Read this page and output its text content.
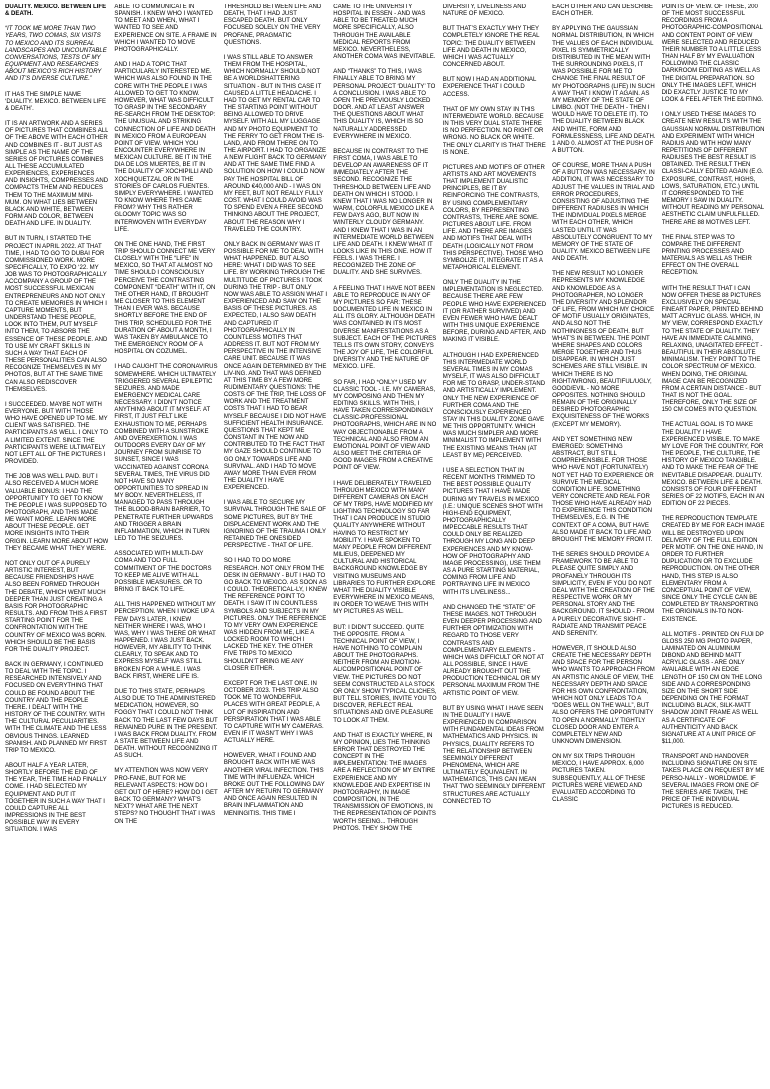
DUALITY. MEXICO. BETWEEN LIFE & DEATH.

“IT TOOK ME MORE THAN TWO YEARS, TWO COMAS, SIX VISITS TO MEXICO AND ITS SURREAL LANDSCAPES AND UNCOUNTABLE CONVERSATIONS, TESTS OF MY EQUIPMENT AND RESEARCHES ABOUT MEXICO’S RICH HISTORY AND IT’S DIVERSE CULTURE.”

IT HAS THE SIMPLE NAME ‘DUALITY. MEXICO. BETWEEN LIFE & DEATH’.

IT IS AN ARTWORK AND A SERIES OF PICTURES THAT COMBINES ALL OF THE ABOVE WITH EACH OTHER AND COMBINES IT - BUT JUST AS SIMPLE AS THE NAME OF THE SERIES OF PICTURES COMBINES ALL THESE ACCUMULATED EXPERIENCES, EXPERIENCES AND INSIGHTS, COMPRESSES AND COMPACTS THEM AND REDUCES THEM TO THE MAXIMUM MINI-MUM. ON WHAT LIES BETWEEN BLACK AND WHITE, BETWEEN FORM AND COLOR, BETWEEN DEATH AND LIFE. IN DUALITY.

BUT IN TURN, I STARTED THE PROJECT IN APRIL 2022. AT THAT TIME, I HAD TO GO TO DUBAI FOR COMMISSIONED WORK. MORE SPECIFICALLY, TO EXPO ‘22. MY JOB WAS TO PHOTOGRAPHICALLY ACCOMPANY A GROUP OF THE MOST SUCCESSFUL MEXICAN ENTREPRENEURS AND NOT ONLY TO CREATE MEMORIES IN WHICH I CAPTURE MOMENTS, BUT UNDERSTAND THESE PEOPLE, LOOK INTO THEM, PUT MYSELF INTO THEM, TO ABSORB THE ESSENCE OF THESE PEOPLE. AND TO USE MY CRAFT SKILLS IN SUCH A WAY THAT EACH OF THESE PERSONALITIES CAN ALSO RECOGNIZE THEMSELVES IN MY PHOTOS, BUT AT THE SAME TIME CAN ALSO REDISCOVER THEMSELVES.

I SUCCEEDED. MAYBE NOT WITH EVERYONE. BUT WITH THOSE WHO HAVE OPENED UP TO ME. MY CLIENT WAS SATISFIED. THE PARTICIPANTS AS WELL. I ONLY TO A LIMITED EXTENT. SINCE THE PARTICIPANTS WERE ULTIMATELY NOT LEFT ALL OF THE PICTURES I PROVIDED.

THE JOB WAS WELL PAID. BUT I ALSO RECEIVED A MUCH MORE VALUABLE BONUS: I HAD THE OPPORTUNITY TO GET TO KNOW THE PEOPLE I WAS SUPPOSED TO PHOTOGRAPH, AND THIS MADE ME WANT MORE. LEARN MORE ABOUT THESE PEOPLE. GET MORE INSIGHTS INTO THEIR ORIGIN. LEARN MORE ABOUT HOW THEY BECAME WHAT THEY WERE.

NOT ONLY OUT OF A PURELY ARTISTIC INTEREST, BUT BECAUSE FRIENDSHIPS HAVE ALSO BEEN FORMED THROUGH THE DEBATE, WHICH WENT MUCH DEEPER THAN JUST CREATING A BASIS FOR PHOTOGRAPHIC RESULTS. AND FROM THIS A FIRST STARTING POINT FOR THE CONFRONTATION WITH THE COUNTRY OF MEXICO WAS BORN. WHICH SHOULD BE THE BASIS FOR THE DUALITY PROJECT.

BACK IN GERMANY, I CONTINUED TO DEAL WITH THE TOPIC. I RESEARCHED INTENSIVELY AND FOCUSED ON EVERYTHING THAT COULD BE FOUND ABOUT THE COUNTRY AND THE PEOPLE THERE. I DEALT WITH THE HISTORY OF THE COUNTRY. WITH THE CULTURAL PECULIARITIES. WITH THE CLIMATE AND THE LESS OBVIOUS THINGS. LEARNED SPANISH. AND PLANNED MY FIRST TRIP TO MEXICO.

ABOUT HALF A YEAR LATER, SHORTLY BEFORE THE END OF THE YEAR, THE TIME HAD FINALLY COME. I HAD SELECTED MY EQUIPMENT AND PUT IT TOGETHER IN SUCH A WAY THAT I COULD CAPTURE ALL IMPRESSIONS IN THE BEST POSSIBLE WAY IN EVERY SITUATION. I WAS

ABLE TO COMMUNICATE IN SPANISH. I KNEW WHO I WANTED TO MEET AND WHEN, WHAT I WANTED TO SEE AND EXPERIENCE ON SITE. A FRAME IN WHICH I WANTED TO MOVE PHOTOGRAPHICALLY.

AND I HAD A TOPIC THAT PARTICULARLY INTERESTED ME. WHICH WAS ALSO FOUND IN THE CORE WITH THE PEOPLE I WAS ALLOWED TO GET TO KNOW. HOWEVER, WHAT WAS DIFFICULT TO GRASP IN THE SECONDARY RE-SEARCH FROM THE DESKTOP: THE UNUSUAL AND STRIKING CONNECTION OF LIFE AND DEATH IN MEXICO FROM A EUROPEAN POINT OF VIEW. WHICH YOU ENCOUNTER EVERYWHERE IN MEXICAN CULTURE. BE IT IN THE DIA DE LOS MUERTES, BE IT IN THE DUALITY OF XOCHIPILLI AND XOCHIQUETZAL OR IN THE STORIES OF CARLOS FUENTES. SIMPLY EVERYWHERE. I WANTED TO KNOW WHERE THIS CAME FROM? WHY THIS RATHER GLOOMY TOPIC WAS SO INTERWOVEN WITH EVERYDAY LIFE.

ON THE ONE HAND, THE FIRST TRIP SHOULD CONNECT ME VERY CLOSELY WITH THE “LIFE” IN MEXICO, SO THAT AT ALMOST NO TIME SHOULD I CONSCIOUSLY PERCEIVE THE CONTRASTING COMPONENT “DEATH” WITH IT, ON THE OTHER HAND, IT BROUGHT ME CLOSER TO THIS ELEMENT THAN I EVER WAS. BECAUSE SHORTLY BEFORE THE END OF THIS TRIP, SCHEDULED FOR THE DURATION OF ABOUT A MONTH, I WAS TAKEN BY AMBULANCE TO THE EMERGENCY ROOM OF A HOSPITAL ON COZUMEL.

I HAD CAUGHT THE CORONAVIRUS SOMEWHERE. WHICH ULTIMATELY TRIGGERED SEVERAL EPILEPTIC SEIZURES. AND MADE EMERGENCY MEDICAL CARE NECESSARY. I DIDN’T NOTICE ANYTHING ABOUT IT MYSELF. AT FIRST, IT JUST FELT LIKE EXHAUSTION TO ME, PERHAPS COMBINED WITH A SUNSTROKE AND OVEREXERTION. I WAS OUTDOORS EVERY DAY OF MY JOURNEY FROM SUNRISE TO SUNSET, SINCE I WAS VACCINATED AGAINST CORONA SEVERAL TIMES, THE VIRUS DID NOT HAVE SO MANY OPPORTUNITIES TO SPREAD IN MY BODY. NEVERTHELESS, IT MANAGED TO PASS THROUGH THE BLOOD-BRAIN BARRIER, TO PENETRATE FURTHER UPWARDS AND TRIGGER A BRAIN INFLAMMATION, WHICH IN TURN LED TO THE SEIZURES.

ASSOCIATED WITH MULTI-DAY COMA AND TOO FULL COMMITMENT OF THE DOCTORS TO KEEP ME ALIVE WITH ALL POSSIBLE MEASURES. OR TO BRING IT BACK TO LIFE.

ALL THIS HAPPENED WITHOUT MY PERCEPTION. WHEN I WOKE UP A FEW DAYS LATER, I KNEW NEITHER WHERE I WAS, WHO I WAS, WHY I WAS THERE OR WHAT HAPPENED. I WAS JUST BACK. HOWEVER, MY ABILITY TO THINK CLEARLY, TO SPEAK AND TO EXPRESS MYSELF WAS STILL BROKEN FOR A WHILE. I WAS BACK FIRST, WHERE LIFE IS.

DUE TO THIS STATE, PERHAPS ALSO DUE TO THE ADMINISTERED MEDICATION, HOWEVER, SO FOGGY THAT I COULD NOT THINK BACK TO THE LAST FEW DAYS BUT REMAINED PURE IN THE PRESENT. I WAS BACK FROM DUALITY. FROM A STATE BETWEEN LIFE AND DEATH. WITHOUT RECOGNIZING IT AS SUCH.

MY ATTENTION WAS NOW VERY PRO-FANE, BUT FOR ME RELEVANT ASPECTS: HOW DO I GET OUT OF HERE? HOW DO I GET BACK TO GERMANY? WHAT’S NEXT? WHAT ARE THE NEXT STEPS? NO THOUGHT THAT I WAS ON THE

THRESHOLD BETWEEN LIFE AND DEATH, THAT I HAD JUST ESCAPED DEATH. BUT ONLY FOCUSED SOLELY ON THE VERY PROFANE, PRAGMATIC QUESTIONS.

I WAS STILL ABLE TO ANSWER THEM FROM THE HOSPITAL, WHICH NORMALLY SHOULD NOT BE A WORLDSHATTERING SITUATION - BUT IN THIS CASE IT CAUSED A LITTLE HEADACHE. I HAD TO GET MY RENTAL CAR TO THE STARTING POINT WITHOUT BEING ALLOWED TO DRIVE MYSELF. WITH ALL MY LUGGAGE AND MY PHOTO EQUIPMENT TO THE FERRY TO GET FROM THE IS-LAND, AND FROM THERE ON TO THE AIRPORT. I HAD TO ORGANIZE A NEW FLIGHT BACK TO GERMANY AND AT THE SAME TIME FIND A SOLUTION ON HOW I COULD NOW PAY THE HOSPITAL BILL OF AROUND €40,000 AND - I WAS ON MY FEET, BUT NOT REALLY FULLY COST. WHAT I COULD AVOID WAS TO SPEND EVEN A FREE SECOND THINKING ABOUT THE PROJECT, ABOUT THE REASON WHY I TRAVELED THE COUNTRY.

ONLY BACK IN GERMANY WAS IT POSSIBLE FOR ME TO DEAL WITH WHAT HAPPENED. BUT ALSO HERE: WHAT I DID WAS TO SEE LIFE. BY WORKING THROUGH THE MULTITUDE OF PICTURES I TOOK DURING THE TRIP - BUT ONLY NOW WAS ABLE TO ASSIGN WHAT I EXPERIENCED AND SAW ON THE BASIS OF THESE PICTURES. AS EXPECTED, I ALSO SAW DEATH AND CAPTURED IT PHOTOGRAPHICALLY IN COUNTLESS MOTIFS THAT ADDRESS IT. BUT NOT FROM MY PERSPECTIVE IN THE INTENSIVE CARE UNIT. BECAUSE IT WAS ONCE AGAIN DETERMINED BY THE LIV-ING. AND THAT WAS DEFINED AT THIS TIME BY A FEW MORE RUDIMENTARY QUESTIONS: THE COSTS OF THE TRIP, THE LOSS OF WORK AND THE TREATMENT COSTS THAT I HAD TO BEAR MYSELF BECAUSE I DID NOT HAVE SUFFICIENT HEALTH INSURANCE. QUESTIONS THAT KEPT ME CONSTANT IN THE NOW AND CONTRIBUTED TO THE FACT THAT MY GAZE SHOULD CONTINUE TO GO ONLY TOWARDS LIFE AND SURVIVAL. AND I HAD TO MOVE AWAY MORE THAN EVER FROM THE DUALITY I HAVE EXPERIENCED.

I WAS ABLE TO SECURE MY SURVIVAL THROUGH THE SALE OF SOME PICTURES, BUT BY THE DISPLACEMENT WORK AND THE IGNORING OF THE TRAUMA I ONLY RETAINED THE ONESIDED PERSPECTIVE - THAT OF LIFE.

SO I HAD TO DO MORE RESEARCH. NOT ONLY FROM THE DESK IN GERMANY - BUT I HAD TO GO BACK TO MEXICO. AS SOON AS I COULD. THEORETICAL-LY, I KNEW THE REFERENCE POINT TO DEATH. I SAW IT IN COUNTLESS SYMBOLS AND SUBJECTS IN MY PICTURES. ONLY THE REFERENCE TO MY VERY OWN EXPERIENCE WAS HIDDEN FROM ME, LIKE A LOCKED ROOM TO WHICH I LACKED THE KEY. THE OTHER FIVE TRIPS TO MEXICO SHOULDN’T BRING ME ANY CLOSER EITHER.

EXCEPT FOR THE LAST ONE. IN OCTOBER 2023. THIS TRIP ALSO TOOK ME TO WONDERFUL PLACES WITH GREAT PEOPLE, A LOT OF INSPIRATION AND PERSPIRATION THAT I WAS ABLE TO CAPTURE WITH MY CAMERAS. EVEN IF IT WASN’T WHY I WAS ACTUALLY HERE.

HOWEVER, WHAT I FOUND AND BROUGHT BACK WITH ME WAS ANOTHER VIRAL INFECTION. THIS TIME WITH INFLUENZA. WHICH BROKE OUT THE FOLLOWING DAY AFTER MY RETURN TO GERMANY AND ONCE AGAIN RESULTED IN BRAIN INFLAMMATION AND MENINGITIS. THIS TIME I

CAME TO THE UNIVERSITY HOSPITAL IN ESSEN - AND WAS ABLE TO BE TREATED MUCH MORE SPECIFICALLY, ALSO THROUGH THE AVAILABLE MEDICAL REPORTS FROM MEXICO. NEVERTHELESS, ANOTHER COMA WAS INEVITABLE.

AND “THANKS” TO THIS, I WAS FINALLY ABLE TO BRING MY PERSONAL PROJECT ‘DUALITY’ TO A CONCLUSION. I WAS ABLE TO OPEN THE PREVIOUSLY LOCKED DOOR. AND AT LEAST ANSWER THE QUESTIONS ABOUT WHAT THIS DUALITY IS, WHICH IS SO NATURALLY ADDRESSED EVERYWHERE IN MEXICO.

BECAUSE IN CONTRAST TO THE FIRST COMA, I WAS ABLE TO DEVELOP AN AWARENESS OF IT IMMEDIATELY AFTER THE SECOND. RECOGNIZE THE THRESHOLD BETWEEN LIFE AND DEATH ON WHICH I STOOD. I KNEW THAT I WAS NO LONGER IN WARM, COLORFUL MEXICO LIKE A FEW DAYS AGO, BUT NOW IN WINTERLY CLOUDY GERMANY. AND I KNEW THAT I WAS IN AN INTERMEDIATE WORLD BETWEEN LIFE AND DEATH. I KNEW WHAT IT LOOKS LIKE IN THIS ONE. HOW IT FEELS. I WAS THERE. I RECOGNIZED THE ZONE OF DUALITY. AND SHE SURVIVES.

A FEELING THAT I HAVE NOT BEEN ABLE TO REPRODUCE IN ANY OF MY PICTURES SO FAR: THESE DOCUMENTED LIFE IN MEXICO IN ALL ITS GLORY. ALTHOUGH DEATH WAS CONTAINED IN ITS MOST DIVERSE MANIFESTATIONS AS A SUBJECT. EACH OF THE PICTURES TELLS ITS OWN STORY, CONVEYS THE JOY OF LIFE, THE COLORFUL DIVERSITY AND THE NATURE OF MEXICO. LIFE.

SO FAR, I HAD *ONLY* USED MY CLASSIC TOOL - I.E. MY CAMERAS, MY COMPOSING AND THEN MY EDITING SKILLS. WITH THIS, I HAVE TAKEN CORRESPONDINGLY CLASSIC-PROFESSIONAL PHOTOGRAPHS, WHICH ARE IN NO WAY OBJECTIONABLE FROM A TECHNICAL AND ALSO FROM AN EMOTIONAL POINT OF VIEW AND ALSO MEET THE CRITERIA OF GOOD IMAGES FROM A CREATIVE POINT OF VIEW.

I HAVE DELIBERATELY TRAVELED THROUGH MEXICO WITH MANY DIFFERENT CAMERAS ON EACH OF MY TRIPS, HAVE MODIFIED MY LIGHTING TECHNOLOGY SO FAR THAT I CAN PRODUCE IN STUDIO QUALITY ANYWHERE WITHOUT HAVING TO RESTRICT MY MOBILITY. I HAVE SPOKEN TO MANY PEOPLE FROM DIFFERENT MILIEUS, DEEPENED MY CULTURAL AND HISTORICAL BACKGROUND KNOWLEDGE BY VISITING MUSEUMS AND LIBRARIES TO FURTHER EXPLORE WHAT THE DUALITY VISIBLE EVERYWHERE IN MEXICO MEANS, IN ORDER TO WEAVE THIS WITH MY PICTURES AS WELL.

BUT: I DIDN’T SUCCEED. QUITE THE OPPOSITE. FROM A TECHNICAL POINT OF VIEW, I HAVE NOTHING TO COMPLAIN ABOUT THE PHOTOGRAPHS. NEITHER FROM AN EMOTION-AL/COMPOSITIONAL POINT OF VIEW. THE PICTURES DO NOT SEEM CONSTRUCTED A LA STOCK OR ONLY SHOW TYPICAL CLICHES, BUT TELL STORIES, INVITE YOU TO DISCOVER, REFLECT REAL SITUATIONS AND GIVE PLEASURE TO LOOK AT THEM.

AND THAT IS EXACTLY WHERE, IN MY OPINION, LIES THE THINKING ERROR THAT DESTROYED THE CONCEPT IN THE IMPLEMENTATION: THE IMAGES ARE A REFLECTION OF MY ENTIRE EXPERIENCE AND MY KNOWLEDGE AND EXPERTISE IN PHOTOGRAPHY, IN IMAGE COMPOSITION, IN THE TRANSMISSION OF EMOTIONS, IN THE REPRESENTATION OF POINTS WORTH SEEING... THROUGH PHOTOS. THEY SHOW THE

DIVERSITY, LIVELINESS AND NATURE OF MEXICO.

BUT THAT’S EXACTLY WHY THEY COMPLETELY IGNORE THE REAL TOPIC: THE DUALITY BETWEEN LIFE AND DEATH IN MEXICO, WHICH I WAS ACTUALLY CONCERNED ABOUT.

BUT NOW I HAD AN ADDITIONAL EXPERIENCE THAT I COULD ACCESS.

THAT OF MY OWN STAY IN THIS INTERMEDIATE WORLD. BECAUSE IN THIS VERY DUAL STATE THERE IS NO PERFECTION. NO RIGHT OR WRONG. NO BLACK OR WHITE. THE ONLY CLARITY IS THAT THERE IS NONE.

PICTURES AND MOTIFS OF OTHER ARTISTS AND ART MOVEMENTS THAT IMPLEMENT DUALISTIC PRINCIPLES, BE IT BY REINFORCING THE CONTRASTS, BY USING COMPLEMENTARY COLORS, BY REPRESENTING CONTRASTS, THERE ARE SOME. PICTURES ABOUT LIFE. FROM LIFE. AND THERE ARE IMAGES AND MOTIFS THAT DEAL WITH DEATH (LOGICALLY NOT FROM THIS PERSPECTIVE). THOSE WHO SYMBOLIZE IT, INTEGRATE IT AS A METAPHORICAL ELEMENT.

ONLY THE DUALITY IN THE IMPLEMENTATION IS NEGLECTED. BECAUSE THERE ARE FEW PEOPLE WHO HAVE EXPERIENCED IT (OR RATHER SURVIVED) AND EVEN FEWER WHO HAVE DEALT WITH THIS UNIQUE EXPERIENCE BEFORE, DURING AND AFTER, AND MAKING IT VISIBLE.

ALTHOUGH I HAD EXPERIENCED THIS INTERMEDIATE WORLD SEVERAL TIMES IN MY COMAS MYSELF, IT WAS ALSO DIFFICULT FOR ME TO GRASP, UNDER-STAND AND ARTISTICALLY IMPLEMENT. ONLY THE NEW EXPERIENCE OF FURTHER COMA AND THE CONSCIOUSLY EXPERIENCED STAY IN THIS DUALITY ZONE GAVE ME THIS OPPORTUNITY. WHICH WAS MUCH SIMPLER AND MORE MINIMALIST TO IMPLEMENT WITH THE EXISTING MEANS THAN (AT LEAST BY ME) PERCEIVED.

I USE A SELECTION THAT IN RECENT MONTHS TRIMMED TO THE BEST POSSIBLE QUALITY PICTURES THAT I HAVE MADE DURING MY TRAVELS IN MEXICO (I.E.: UNIQUE SCENES SHOT WITH HIGH-END EQUIPMENT, PHOTOGRAPHICALLY IMPECCABLE RESULTS THAT COULD ONLY BE REALIZED THROUGH MY LONG AND DEEP EXPERIENCES AND MY KNOW-HOW OF PHOTOGRAPHY AND IMAGE PROCESSING), USE THEM AS A PURE STARTING MATERIAL, COMING FROM LIFE AND PORTRAYING LIFE IN MEXICO WITH ITS LIVELINESS...

AND CHANGED THE “STATE” OF THESE IMAGES. NOT THROUGH EVEN DEEPER PROCESSING AND FURTHER OPTIMIZATION WITH REGARD TO THOSE VERY CONTRASTS AND COMPLEMENTARY ELEMENTS - WHICH WAS DIFFICULT OR NOT AT ALL POSSIBLE, SINCE I HAVE ALREADY BROUGHT OUT THE PRODUCTION TECHNICAL OR MY PERSONAL MAXIMUM FROM THE ARTISTIC POINT OF VIEW.

BUT BY USING WHAT I HAVE SEEN IN THE DUALITY I HAVE EXPERIENCED IN COMPARISON WITH FUNDAMENTAL IDEAS FROM MATHEMATICS AND PHYSICS. IN PHYSICS, DUALITY REFERS TO THE RELATIONSHIP BETWEEN SEEMINGLY DIFFERENT PHENOMENA, WHICH ARE ULTIMATELY EQUIVALENT. IN MATHEMATICS, THIS CAN MEAN THAT TWO SEEMINGLY DIFFERENT STRUCTURES ARE ACTUALLY CONNECTED TO

EACH OTHER AND CAN DESCRIBE EACH OTHER.

BY APPLYING THE GAUSSIAN NORMAL DISTRIBUTION, IN WHICH THE VALUES OF EACH INDIVIDUAL PIXEL IS SYMMETRICALLY DISTRIBUTED IN THE MEAN WITH THE SURROUNDING PIXELS, IT WAS POSSIBLE FOR ME TO CHANGE THE FINAL RESULT OF MY PHOTOGRAPHS (LIFE) IN SUCH A WAY THAT I KNOW IT AGAIN. AS MY MEMORY OF THE STATE OF LIMBO. (NOT THE DEATH - THEN I WOULD HAVE TO DELETE IT). TO THE DUALITY BETWEEN BLACK AND WHITE, FORM AND FORMLESSNESS, LIFE AND DEATH. 1 AND 0. ALMOST AT THE PUSH OF A BUTTON.

OF COURSE, MORE THAN A PUSH OF A BUTTON WAS NECESSARY. IN ADDITION, IT WAS NECESSARY TO ADJUST THE VALUES IN TRIAL AND ERROR PROCEDURES, CONSISTING OF ADJUSTING THE DIFFERENT RADIUSES IN WHICH THE INDIVIDUAL PIXELS MERGE WITH EACH OTHER, WHICH LASTED UNTIL IT WAS ABSOLUTELY CONGRUENT TO MY MEMORY OF THE STATE OF DUALITY. MEXICO BETWEEN LIFE AND DEATH.

THE NEW RESULT NO LONGER REPRESENTS MY KNOWLEDGE AND KNOWLEDGE AS A PHOTOGRAPHER, NO LONGER THE DIVERSITY AND SPLENDOR OF LIFE, FROM WHICH MY CHOICE OF MOTIF USUALLY ORIGINATES, AND ALSO NOT THE NOTHINGNESS OF DEATH. BUT WHAT’S IN BETWEEN. THE POINT WHERE SHAPES AND COLORS MERGE TOGETHER AND THUS DISAPPEAR. IN WHICH JUST SCHEMES ARE STILL VISIBLE. IN WHICH THERE IS NO RIGHT/WRONG, BEAUTIFUL/UGLY, GOOD/EVIL - NO MORE OPPOSITES. NOTHING SHOULD REMAIN OF THE ORIGINALLY DESIRED PHOTOGRAPHIC EXQUISITENESS OF THE WORKS (EXCEPT MY MEMORY).

AND YET SOMETHING NEW EMERGED: SOMETHING ABSTRACT, BUT STILL COMPREHENSIBLE. FOR THOSE WHO HAVE NOT (FORTUNATELY) NOT YET HAD TO EXPERIENCE OR SURVIVE THE MEDICAL CONDITION LIFE. SOMETHING VERY CONCRETE AND REAL FOR THOSE WHO HAVE ALREADY HAD TO EXPERIENCE THIS CONDITION THEMSELVES, E.G. IN THE CONTEXT OF A COMA, BUT HAVE ALSO MADE IT BACK TO LIFE AND BROUGHT THE MEMORY FROM IT.

THE SERIES SHOULD PROVIDE A FRAMEWORK TO BE ABLE TO PLEASE QUITE SIMPLY AND PROFANELY THROUGH ITS SIMPLICITY, EVEN IF YOU DO NOT DEAL WITH THE CREATION OF THE RESPECTIVE WORK OR MY PERSONAL STORY AND THE BACKGROUND. IT SHOULD - FROM A PURELY DECORATIVE SIGHT - RADIATE AND TRANSMIT PEACE AND SERENITY.

HOWEVER, IT SHOULD ALSO CREATE THE NECESSARY DEPTH AND SPACE FOR THE PERSON WHO WANTS TO APPROACH FROM AN ARTISTIC ANGLE OF VIEW, THE NECESSARY DEPTH AND SPACE FOR HIS OWN CONFRONTATION, WHICH NOT ONLY LEADS TO A “DOES WELL ON THE WALL”, BUT ALSO OFFERS THE OPPORTUNITY TO OPEN A NORMALLY TIGHTLY CLOSED DOOR AND ENTER A COMPLETELY NEW AND UNKNOWN DIMENSION.

ON MY SIX TRIPS THROUGH MEXICO, I HAVE APPROX. 6,000 PICTURES TAKEN. SUBSEQUENTLY, ALL OF THESE PICTURES WERE VIEWED AND EVALUATED ACCORDING TO CLASSIC

POINTS OF VIEW. OF THESE, 200 OF THE MOST SUCCESSFUL RECORDINGS FROM A PHOTOGRAPHIC-COMPOSITIONAL AND CONTENT POINT OF VIEW WERE SELECTED AND REDUCED THEIR NUMBER TO A LITTLE LESS THAN HALF BY MY EVALUATION FOLLOWING THE CLASSIC DARKROOM EDITING AS WELL AS THE DIGITAL PREPARATION. SO ONLY THE IMAGES LEFT, WHICH DID EXACTLY JUSTICE TO MY LOOK & FEEL AFTER THE EDITING.

I ONLY USED THESE IMAGES TO CREATE NEW RESULTS WITH THE GAUSSIAN NORMAL DISTRIBUTION AND EXPERIMENT WITH WHICH RADIUS AND WITH HOW MANY REPETITIONS OF DIFFERENT RADIUSES THE BEST RESULT IS OBTAINED. THE RESULT THEN CLASSI-CALLY EDITED AGAIN (E.G. EXPOSURE, CONTRAST, HIGHS, LOWS, SATURATION, ETC.) UNTIL IT CORRESPONDED TO THE MEMORY I SAW IN DUALITY. WITHOUT READING MY PERSONAL AESTHETIC CLAIM UNFULFILLED. THERE ARE 88 MOTIVES LEFT.

THE FINAL STEP WAS TO COMPARE THE DIFFERENT PRINTING PROCESSES AND MATERIALS AS WELL AS THEIR EFFECT ON THE OVERALL RECEPTION.

WITH THE RESULT THAT I CAN NOW OFFER THESE 88 PICTURES EXCLUSIVELY ON SPECIAL FINEART PAPER, PRINTED BEHIND MATT ACRYLIC GLASS. WHICH, IN MY VIEW, CORRESPOND EXACTLY TO THE STATE OF DUALITY. THEY HAVE AN IMMEDIATE CALMING, RELAXING, UNAGITATED EFFECT - BEAUTIFUL IN THEIR ABSOLUTE MINIMALISM. THEY POINT TO THE COLOR SPECTRUM OF MEXICO. WHEN DOING, THE ORIGINAL IMAGE CAN BE RECOGNIZED FROM A CERTAIN DISTANCE - BUT THAT IS NOT THE GOAL. THEREFORE, ONLY THE SIZE OF 150 CM COMES INTO QUESTION.

THE ACTUAL GOAL IS TO MAKE THE DUALITY I HAVE EXPERIENCED VISIBLE. TO MAKE MY LOVE FOR THE COUNTRY, FOR THE PEOPLE, THE CULTURE, THE HISTORY OF MEXICO TANGIBLE. AND TO MAKE THE FEAR OF THE INEVITABLE DISAPPEAR. DUALITY. MEXICO. BETWEEN LIFE & DEATH. CONSISTS OF FOUR DIFFERENT SERIES OF 22 MOTIFS, EACH IN AN EDITION OF 22 PIECES.

THE REPRODUCTION TEMPLATE CREATED BY ME FOR EACH IMAGE WILL BE DESTROYED UPON DELIVERY OF THE FULL EDITION PER MOTIF. ON THE ONE HAND, IN ORDER TO FURTHER DUPLICATION OR TO EXCLUDE REPRODUCTION. ON THE OTHER HAND, THIS STEP IS ALSO ELEMENTARY FROM A CONCEPTUAL POINT OF VIEW, SINCE ONLY THE CYCLE CAN BE COMPLETED BY TRANSPORTING THE ORIGINALS IN-TO NON-EXISTENCE.

ALL MOTIFS - PRINTED ON FUJI DP GLOSS 250 MG PHOTO PAPER, LAMINATED ON ALUMINUM DIBOND AND BEHIND MATT ACRYLIC GLASS - ARE ONLY AVAILABLE WITH AN EDGE LENGTH OF 150 CM ON THE LONG SIDE AND A CORRESPONDING SIZE ON THE SHORT SIDE DEPENDING ON THE FORMAT INCLUDING BLACK, SILK-MATT SHADOW JOINT FRAME AS WELL AS A CERTIFICATE OF AUTHENTICITY AND BACK SIGNATURE AT A UNIT PRICE OF $11,000.

TRANSPORT AND HANDOVER INCLUDING SIGNATURE ON SITE TAKES PLACE ON REQUEST BY ME PERSO-NALLY - WORLDWIDE. IF SEVERAL IMAGES FROM ONE OF THE SERIES ARE TAKEN, THE PRICE OF THE INDIVIDUAL PICTURES IS REDUCED.
